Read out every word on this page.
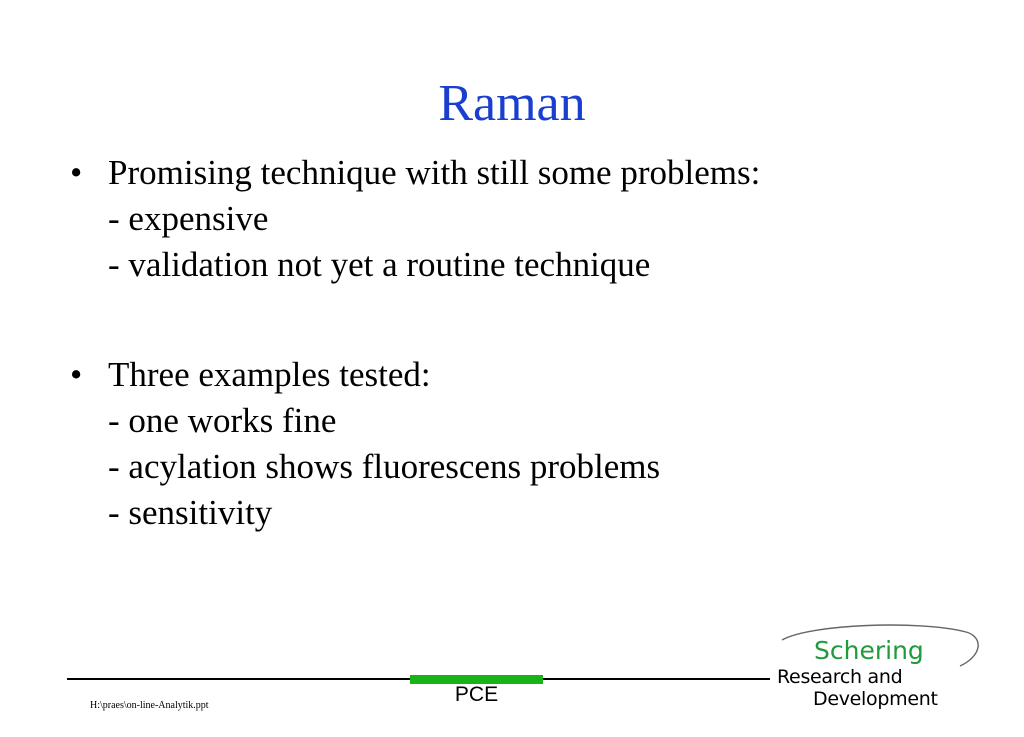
Raman
• Promising technique with still some problems:
- expensive
- validation not yet a routine technique
• Three examples tested:
- one works fine
- acylation shows fluorescens problems
- sensitivity
PCE
H:\praes\on-line-Analytik.ppt
Schering
Research and
Development
